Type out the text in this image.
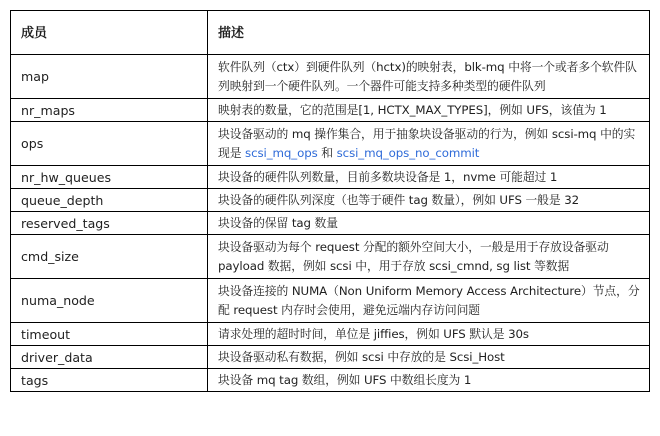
成员	描述
map	软件队列（ctx）到硬件队列（hctx)的映射表，blk-mq 中将一个或者多个软件队列映射到一个硬件队列。一个器件可能支持多种类型的硬件队列
nr_maps	映射表的数量，它的范围是[1, HCTX_MAX_TYPES]，例如 UFS，该值为 1
ops	块设备驱动的 mq 操作集合，用于抽象块设备驱动的行为，例如 scsi-mq 中的实现是 scsi_mq_ops 和 scsi_mq_ops_no_commit
nr_hw_queues	块设备的硬件队列数量，目前多数块设备是 1，nvme 可能超过 1
queue_depth	块设备的硬件队列深度（也等于硬件 tag 数量），例如 UFS 一般是 32
reserved_tags	块设备的保留 tag 数量
cmd_size	块设备驱动为每个 request 分配的额外空间大小，一般是用于存放设备驱动 payload 数据，例如 scsi 中，用于存放 scsi_cmnd, sg list 等数据
numa_node	块设备连接的 NUMA（Non Uniform Memory Access Architecture）节点，分配 request 内存时会使用，避免远端内存访问问题
timeout	请求处理的超时时间，单位是 jiffies，例如 UFS 默认是 30s
driver_data	块设备驱动私有数据，例如 scsi 中存放的是 Scsi_Host
tags	块设备 mq tag 数组，例如 UFS 中数组长度为 1
